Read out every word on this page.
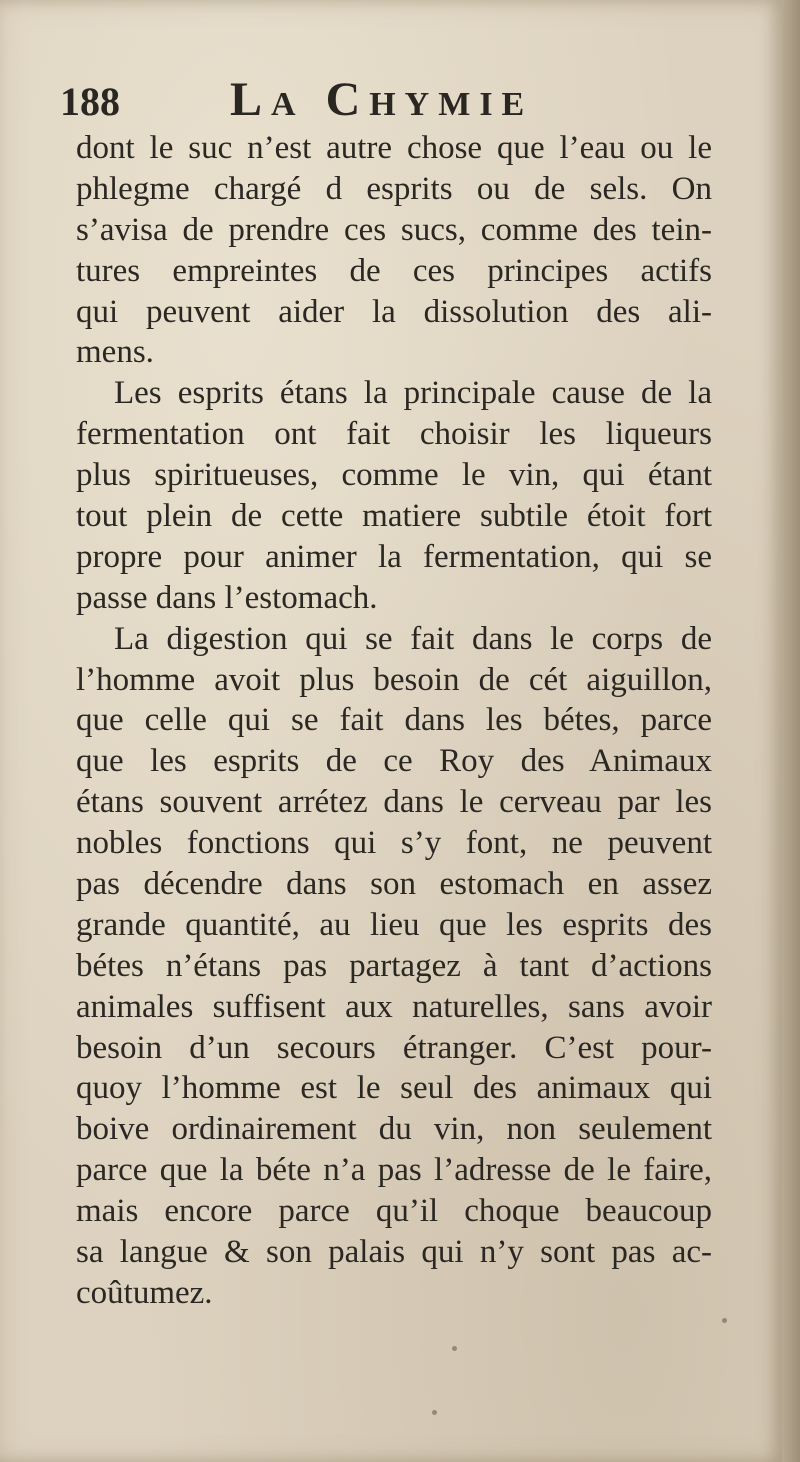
188 La Chymie
dont le suc n’est autre chose que l’eau ou le
phlegme chargé d esprits ou de sels. On
s’avisa de prendre ces sucs, comme des tein-
tures empreintes de ces principes actifs
qui peuvent aider la dissolution des ali-
mens.
Les esprits étans la principale cause de la
fermentation ont fait choisir les liqueurs
plus spiritueuses, comme le vin, qui étant
tout plein de cette matiere subtile étoit fort
propre pour animer la fermentation, qui se
passe dans l’estomach.
La digestion qui se fait dans le corps de
l’homme avoit plus besoin de cét aiguillon,
que celle qui se fait dans les bétes, parce
que les esprits de ce Roy des Animaux
étans souvent arrétez dans le cerveau par les
nobles fonctions qui s’y font, ne peuvent
pas décendre dans son estomach en assez
grande quantité, au lieu que les esprits des
bétes n’étans pas partagez à tant d’actions
animales suffisent aux naturelles, sans avoir
besoin d’un secours étranger. C’est pour-
quoy l’homme est le seul des animaux qui
boive ordinairement du vin, non seulement
parce que la béte n’a pas l’adresse de le faire,
mais encore parce qu’il choque beaucoup
sa langue & son palais qui n’y sont pas ac-
coûtumez.
